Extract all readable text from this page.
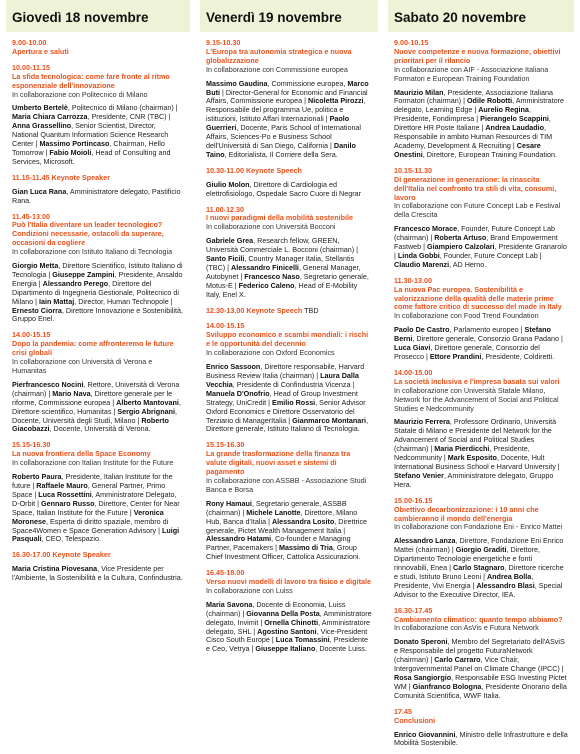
Giovedì 18 novembre
9.00-10.00
Apertura e saluti
10.00-11.15
La sfida tecnologica: come fare fronte al ritmo esponenziale dell'innovazione
In collaborazione con Politecnico di Milano
Umberto Bertelè, Politecnico di Milano (chairman) | Maria Chiara Carrozza, Presidente, CNR (TBC) | Anna Grassellino, Senior Scientist, Director, National Quantum Information Science Research Center | Massimo Portincaso, Chairman, Hello Tomorrow | Fabio Moioli, Head of Consulting and Services, Microsoft.
11.15-11.45 Keynote Speaker
Gian Luca Rana, Amministratore delegato, Pastificio Rana.
11.45-13.00
Può l'Italia diventare un leader tecnologico? Condizioni necessarie, ostacoli da superare, occasioni da cogliere
In collaborazione con Istituto Italiano di Tecnologia
Giorgio Metta, Direttore Scientifico, Istituto Italiano di Tecnologia | Giuseppe Zampini, Presidente, Ansaldo Energia | Alessandro Perego, Direttore del Dipartimento di Ingegneria Gestionale, Politecnico di Milano | Iain Mattaj, Director, Human Technopole | Ernesto Ciorra, Direttore Innovazione e Sostenibilità, Gruppo Enel.
14.00-15.15
Dopo la pandemia: come affronteremo le future crisi globali
In collaborazione con Università di Verona e Humanitas
Pierfrancesco Nocini, Rettore, Università di Verona (chairman) | Mario Nava, Direttore generale per le riforme, Commissione europea | Alberto Mantovani, Direttore scientifico, Humanitas | Sergio Abrignani, Docente, Università degli Studi, Milano | Roberto Giacobazzi, Docente, Università di Verona.
15.15-16.30
La nuova frontiera della Space Economy
In collaborazione con Italian Institute for the Future
Roberto Paura, Presidente, Italian Institute for the future | Raffaele Mauro, General Partner, Primo Space | Luca Rossettini, Amministratore Delegato, D-Orbit | Gennaro Russo, Direttore, Center for Near Space, Italian Institute for the Future | Veronica Moronese, Esperta di diritto spaziale, membro di Space4Women e Space Generation Advisory | Luigi Pasquali, CEO, Telespazio.
16.30-17.00 Keynote Speaker
Maria Cristina Piovesana, Vice Presidente per l'Ambiente, la Sostenibilità e la Cultura, Confindustria.
Venerdì 19 novembre
9.15-10.30
L'Europa tra autonomia strategica e nuova globalizzazione
In collaborazione con Commissione europea
Massimo Gaudina, Commissione europea, Marco Buti | Director-General for Economic and Financial Affairs, Commissione europea | Nicoletta Pirozzi, Responsabile del programma Ue, politica e istituzioni, Istituto Affari Internazionali | Paolo Guerrieri, Docente, Paris School of International Affairs, Sciences-Po e Business School dell'Università di San Diego, California | Danilo Taino, Editorialista, Il Corriere della Sera.
10.30-11.00 Keynote Speech
Giulio Molon, Direttore di Cardiologia ed elettrofisiologo, Ospedale Sacro Cuore di Negrar
11.00-12.30
I nuovi paradigmi della mobilità sostenibile
In collaborazione con Università Bocconi
Gabriele Grea, Research fellow, GREEN, Università Commerciale L. Bocconi (chairman) | Santo Ficili, Country Manager Italia, Stellantis (TBC) | Alessandro Finicelli, General Manager, Autobynet | Francesco Naso, Segretario generale, Motus-E | Federico Caleno, Head of E-Mobility Italy, Enel X.
12.30-13.00 Keynote Speech TBD
14.00-15.15
Sviluppo economico e scambi mondiali: i rischi e le opportunità del decennio
In collaborazione con Oxford Economics
Enrico Sassoon, Direttore responsabile, Harvard Business Review Italia (chairman) | Laura Dalla Vecchia, Presidente di Confindustria Vicenza | Manuela D'Onofrio, Head of Group Investment Strategy, UniCredit | Emilio Rossi, Senior Advisor Oxford Economics e Direttore Osservatorio del Terziario di ManagerItalia | Gianmarco Montanari, Direttore generale, Istituto Italiano di Tecnologia.
15.15-16.30
La grande trasformazione della finanza tra valute digitali, nuovi asset e sistemi di pagamento
In collaborazione con ASSBB - Associazione Studi Banca e Borsa
Rony Hamaui, Segretario generale, ASSBB (chairman) | Michele Lanotte, Direttore, Milano Hub, Banca d'Italia | Alessandra Losito, Direttrice generale, Pictet Wealth Management Italia | Alessandro Hatami, Co-founder e Managing Partner, Pacemakers | Massimo di Tria, Group Chief Investment Officer, Cattolica Assicurazioni.
16.45-18.00
Verso nuovi modelli di lavoro tra fisico e digitale
In collaborazione con Luiss
Maria Savona, Docente di Economia, Luiss (chairman) | Giovanna Della Posta, Amministratore delegato, Invimit | Ornella Chinotti, Amministratore delegato, SHL | Agostino Santoni, Vice-President Cisco South Europe | Luca Tomassini, Presidente e Ceo, Vetrya | Giuseppe Italiano, Docente Luiss.
Sabato 20 novembre
9.00-10.15
Nuove competenze e nuova formazione, obiettivi prioritari per il rilancio
In collaborazione con AIF - Associazione Italiana Formatori e European Training Foundation
Maurizio Milan, Presidente, Associazione Italiana Formatori (chairman) | Odile Robotti, Amministratore delegato, Learning Edge | Aurelio Regina, Presidente, Fondimpresa | Pierangelo Scappini, Direttore HR Poste Italiane | Andrea Laudadio, Responsabile in ambito Human Resources di TIM Academy, Development & Recruiting | Cesare Onestini, Direttore, European Training Foundation.
10.15-11.30
Di generazione in generazione: la rinascita dell'Italia nel confronto tra stili di vita, consumi, lavoro
In collaborazione con Future Concept Lab e Festival della Crescita
Francesco Morace, Founder, Future Concept Lab (chairman) | Roberta Artuso, Brand Empowerment Fastweb | Giampiero Calzolari, Presidente Granarolo | Linda Gobbi, Founder, Future Concept Lab | Claudio Marenzi, AD Herno.
11.30-13.00
La nuova Pac europea. Sostenibilità e valorizzazione della qualità delle materie prime come fattore critico di successo del made in Italy
In collaborazione con Food Trend Foundation
Paolo De Castro, Parlamento europeo | Stefano Berni, Direttore generale, Consorzio Grana Padano | Luca Giavi, Direttore generale, Consorzio del Prosecco | Ettore Prandini, Presidente, Coldiretti.
14.00-15.00
La società inclusiva e l'impresa basata sui valori
In collaborazione con Università Statale Milano, Network for the Advancement of Social and Political Studies e Nedcommunity
Maurizio Ferrera, Professore Ordinario, Università Statale di Milano e Presidente del Network for the Advancement of Social and Political Studies (chairman) | Maria Pierdicchi, Presidente, Nedcommunity | Mark Esposito, Docente, Hult International Business School e Harvard University | Stefano Venier, Amministratore delegato, Gruppo Hera.
15.00-16.15
Obiettivo decarbonizzazione: i 10 anni che cambieranno il mondo dell'energia
In collaborazione con Fondazione Eni - Enrico Mattei
Alessandro Lanza, Direttore, Fondazione Eni Enrico Mattei (chairman) | Giorgio Graditi, Direttore, Dipartimento Tecnologie energetiche e fonti rinnovabili, Enea | Carlo Stagnaro, Direttore ricerche e studi, Istituto Bruno Leoni | Andrea Bolla, Presidente, Vivi Energia | Alessandro Blasi, Special Advisor to the Executive Director, IEA.
16.30-17.45
Cambiamento climatico: quanto tempo abbiamo?
In collaborazione con AsVis e Futura Network
Donato Speroni, Membro del Segretariato dell'ASviS e Responsabile del progetto FuturaNetwork (chairman) | Carlo Carraro, Vice Chair, Intergovernmental Panel on Climate Change (IPCC) | Rosa Sangiorgio, Responsabile ESG Investing Pictet WM | Gianfranco Bologna, Presidente Onorario della Comunità Scientifica, WWF Italia.
17.45
Conclusioni
Enrico Giovannini, Ministro delle Infrastrutture e della Mobilità Sostenibile.
